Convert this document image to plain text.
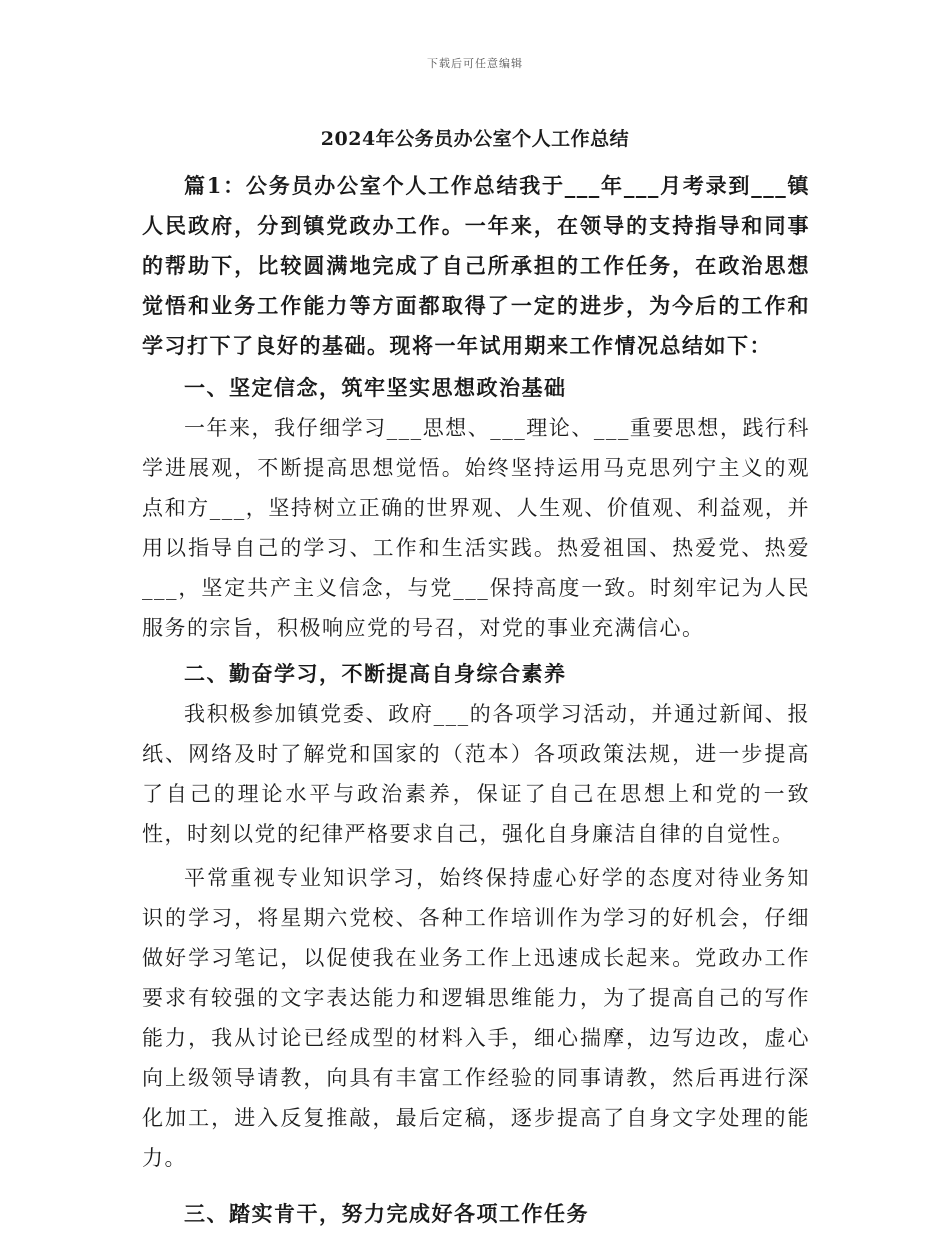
下载后可任意编辑
2024年公务员办公室个人工作总结

篇1：公务员办公室个人工作总结我于___年___月考录到___镇人民政府，分到镇党政办工作。一年来，在领导的支持指导和同事的帮助下，比较圆满地完成了自己所承担的工作任务，在政治思想觉悟和业务工作能力等方面都取得了一定的进步，为今后的工作和学习打下了良好的基础。现将一年试用期来工作情况总结如下：

一、坚定信念，筑牢坚实思想政治基础

一年来，我仔细学习___思想、___理论、___重要思想，践行科学进展观，不断提高思想觉悟。始终坚持运用马克思列宁主义的观点和方___，坚持树立正确的世界观、人生观、价值观、利益观，并用以指导自己的学习、工作和生活实践。热爱祖国、热爱党、热爱___，坚定共产主义信念，与党___保持高度一致。时刻牢记为人民服务的宗旨，积极响应党的号召，对党的事业充满信心。

二、勤奋学习，不断提高自身综合素养

我积极参加镇党委、政府___的各项学习活动，并通过新闻、报纸、网络及时了解党和国家的（范本）各项政策法规，进一步提高了自己的理论水平与政治素养，保证了自己在思想上和党的一致性，时刻以党的纪律严格要求自己，强化自身廉洁自律的自觉性。

平常重视专业知识学习，始终保持虚心好学的态度对待业务知识的学习，将星期六党校、各种工作培训作为学习的好机会，仔细做好学习笔记，以促使我在业务工作上迅速成长起来。党政办工作要求有较强的文字表达能力和逻辑思维能力，为了提高自己的写作能力，我从讨论已经成型的材料入手，细心揣摩，边写边改，虚心向上级领导请教，向具有丰富工作经验的同事请教，然后再进行深化加工，进入反复推敲，最后定稿，逐步提高了自身文字处理的能力。

三、踏实肯干，努力完成好各项工作任务
